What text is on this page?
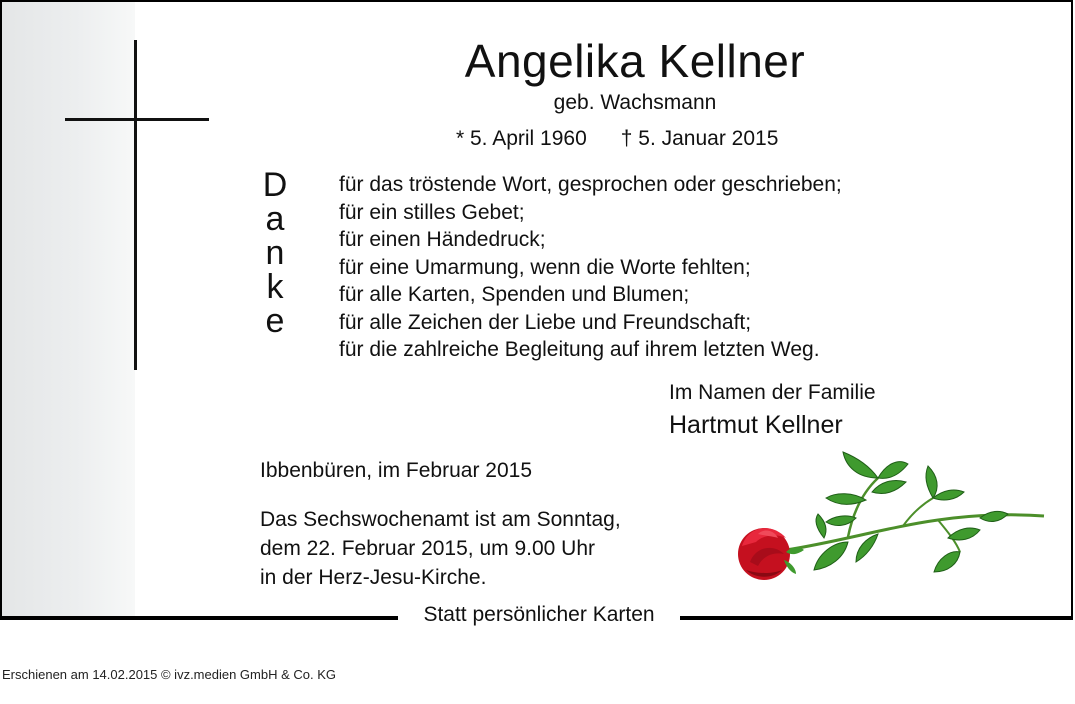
Angelika Kellner
geb. Wachsmann
* 5. April 1960 † 5. Januar 2015
D
a
n
k
e
für das tröstende Wort, gesprochen oder geschrieben;
für ein stilles Gebet;
für einen Händedruck;
für eine Umarmung, wenn die Worte fehlten;
für alle Karten, Spenden und Blumen;
für alle Zeichen der Liebe und Freundschaft;
für die zahlreiche Begleitung auf ihrem letzten Weg.
Im Namen der Familie
Hartmut Kellner
Ibbenbüren, im Februar 2015
Das Sechswochenamt ist am Sonntag,
dem 22. Februar 2015, um 9.00 Uhr
in der Herz-Jesu-Kirche.
Statt persönlicher Karten
Erschienen am 14.02.2015 © ivz.medien GmbH & Co. KG
